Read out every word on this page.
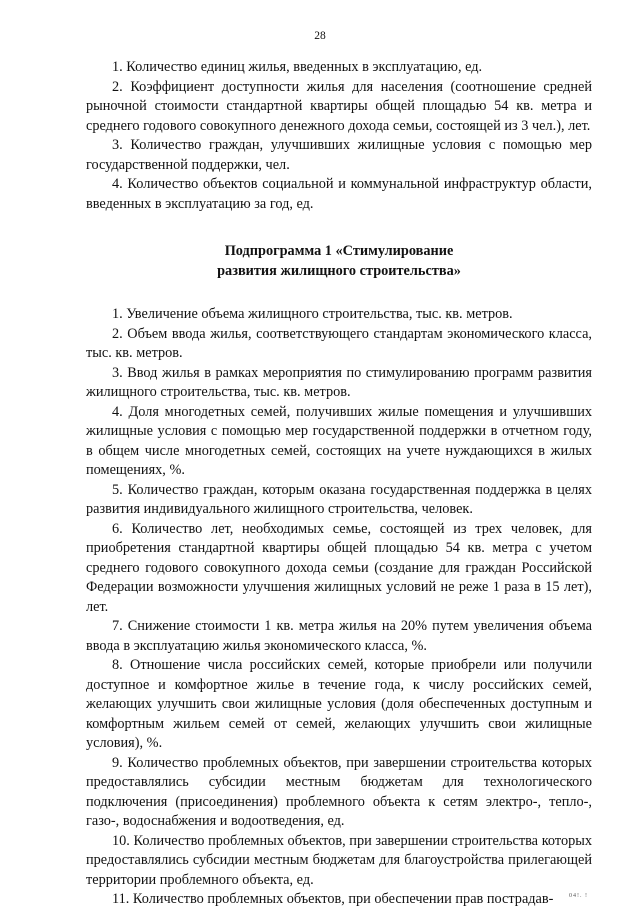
28

1. Количество единиц жилья, введенных в эксплуатацию, ед.

2. Коэффициент доступности жилья для населения (соотношение средней рыночной стоимости стандартной квартиры общей площадью 54 кв. метра и среднего годового совокупного денежного дохода семьи, состоящей из 3 чел.), лет.

3. Количество граждан, улучшивших жилищные условия с помощью мер государственной поддержки, чел.

4. Количество объектов социальной и коммунальной инфраструктур области, введенных в эксплуатацию за год, ед.

Подпрограмма 1 «Стимулирование
развития жилищного строительства»

1. Увеличение объема жилищного строительства, тыс. кв. метров.

2. Объем ввода жилья, соответствующего стандартам экономического класса, тыс. кв. метров.

3. Ввод жилья в рамках мероприятия по стимулированию программ развития жилищного строительства, тыс. кв. метров.

4. Доля многодетных семей, получивших жилые помещения и улучшивших жилищные условия с помощью мер государственной поддержки в отчетном году, в общем числе многодетных семей, состоящих на учете нуждающихся в жилых помещениях, %.

5. Количество граждан, которым оказана государственная поддержка в целях развития индивидуального жилищного строительства, человек.

6. Количество лет, необходимых семье, состоящей из трех человек, для приобретения стандартной квартиры общей площадью 54 кв. метра с учетом среднего годового совокупного дохода семьи (создание для граждан Российской Федерации возможности улучшения жилищных условий не реже 1 раза в 15 лет), лет.

7. Снижение стоимости 1 кв. метра жилья на 20% путем увеличения объема ввода в эксплуатацию жилья экономического класса, %.

8. Отношение числа российских семей, которые приобрели или получили доступное и комфортное жилье в течение года, к числу российских семей, желающих улучшить свои жилищные условия (доля обеспеченных доступным и комфортным жильем семей от семей, желающих улучшить свои жилищные условия), %.

9. Количество проблемных объектов, при завершении строительства которых предоставлялись субсидии местным бюджетам для технологического подключения (присоединения) проблемного объекта к сетям электро-, тепло-, газо-, водоснабжения и водоотведения, ед.

10. Количество проблемных объектов, при завершении строительства которых предоставлялись субсидии местным бюджетам для благоустройства прилегающей территории проблемного объекта, ед.

11. Количество проблемных объектов, при обеспечении прав пострадав-	04!. !
